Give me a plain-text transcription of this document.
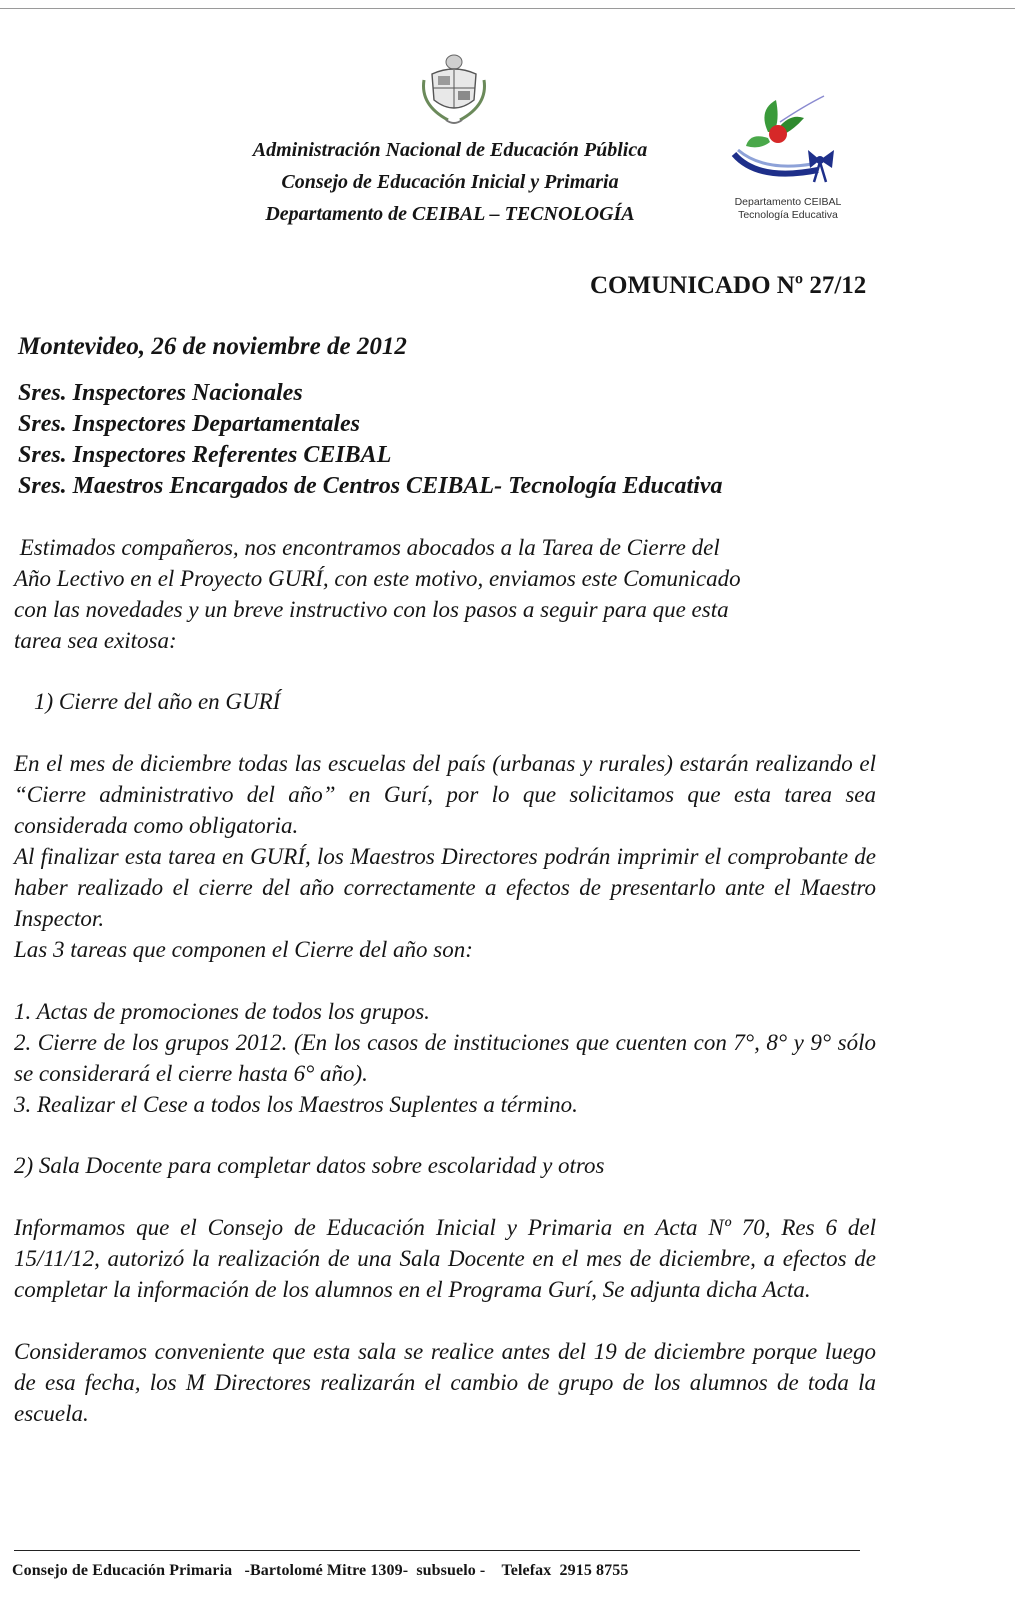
Administración Nacional de Educación Pública
Consejo de Educación Inicial y Primaria
Departamento de CEIBAL – TECNOLOGÍA
Departamento CEIBAL
Tecnología Educativa
COMUNICADO Nº 27/12
Montevideo, 26 de noviembre de 2012
Sres. Inspectores Nacionales
Sres. Inspectores Departamentales
Sres. Inspectores Referentes CEIBAL
Sres. Maestros Encargados de Centros CEIBAL- Tecnología Educativa
Estimados compañeros, nos encontramos abocados a la Tarea de Cierre del
Año Lectivo en el Proyecto GURÍ, con este motivo, enviamos este Comunicado
con las novedades y un breve instructivo con los pasos a seguir para que esta
tarea sea exitosa:
1) Cierre del año en GURÍ
En el mes de diciembre todas las escuelas del país (urbanas y rurales) estarán realizando el “Cierre administrativo del año” en Gurí, por lo que solicitamos que esta tarea sea considerada como obligatoria.
Al finalizar esta tarea en GURÍ, los Maestros Directores podrán imprimir el comprobante de haber realizado el cierre del año correctamente a efectos de presentarlo ante el Maestro Inspector.
Las 3 tareas que componen el Cierre del año son:
1. Actas de promociones de todos los grupos.
2. Cierre de los grupos 2012. (En los casos de instituciones que cuenten con 7°, 8° y 9° sólo se considerará el cierre hasta 6° año).
3. Realizar el Cese a todos los Maestros Suplentes a término.
2) Sala Docente para completar datos sobre escolaridad y otros
Informamos que el Consejo de Educación Inicial y Primaria en Acta Nº 70, Res 6 del 15/11/12, autorizó la realización de una Sala Docente en el mes de diciembre, a efectos de completar la información de los alumnos en el Programa Gurí, Se adjunta dicha Acta.
Consideramos conveniente que esta sala se realice antes del 19 de diciembre porque luego de esa fecha, los M Directores realizarán el cambio de grupo de los alumnos de toda la escuela.
Consejo de Educación Primaria   -Bartolomé Mitre 1309-  subsuelo -    Telefax  2915 8755
